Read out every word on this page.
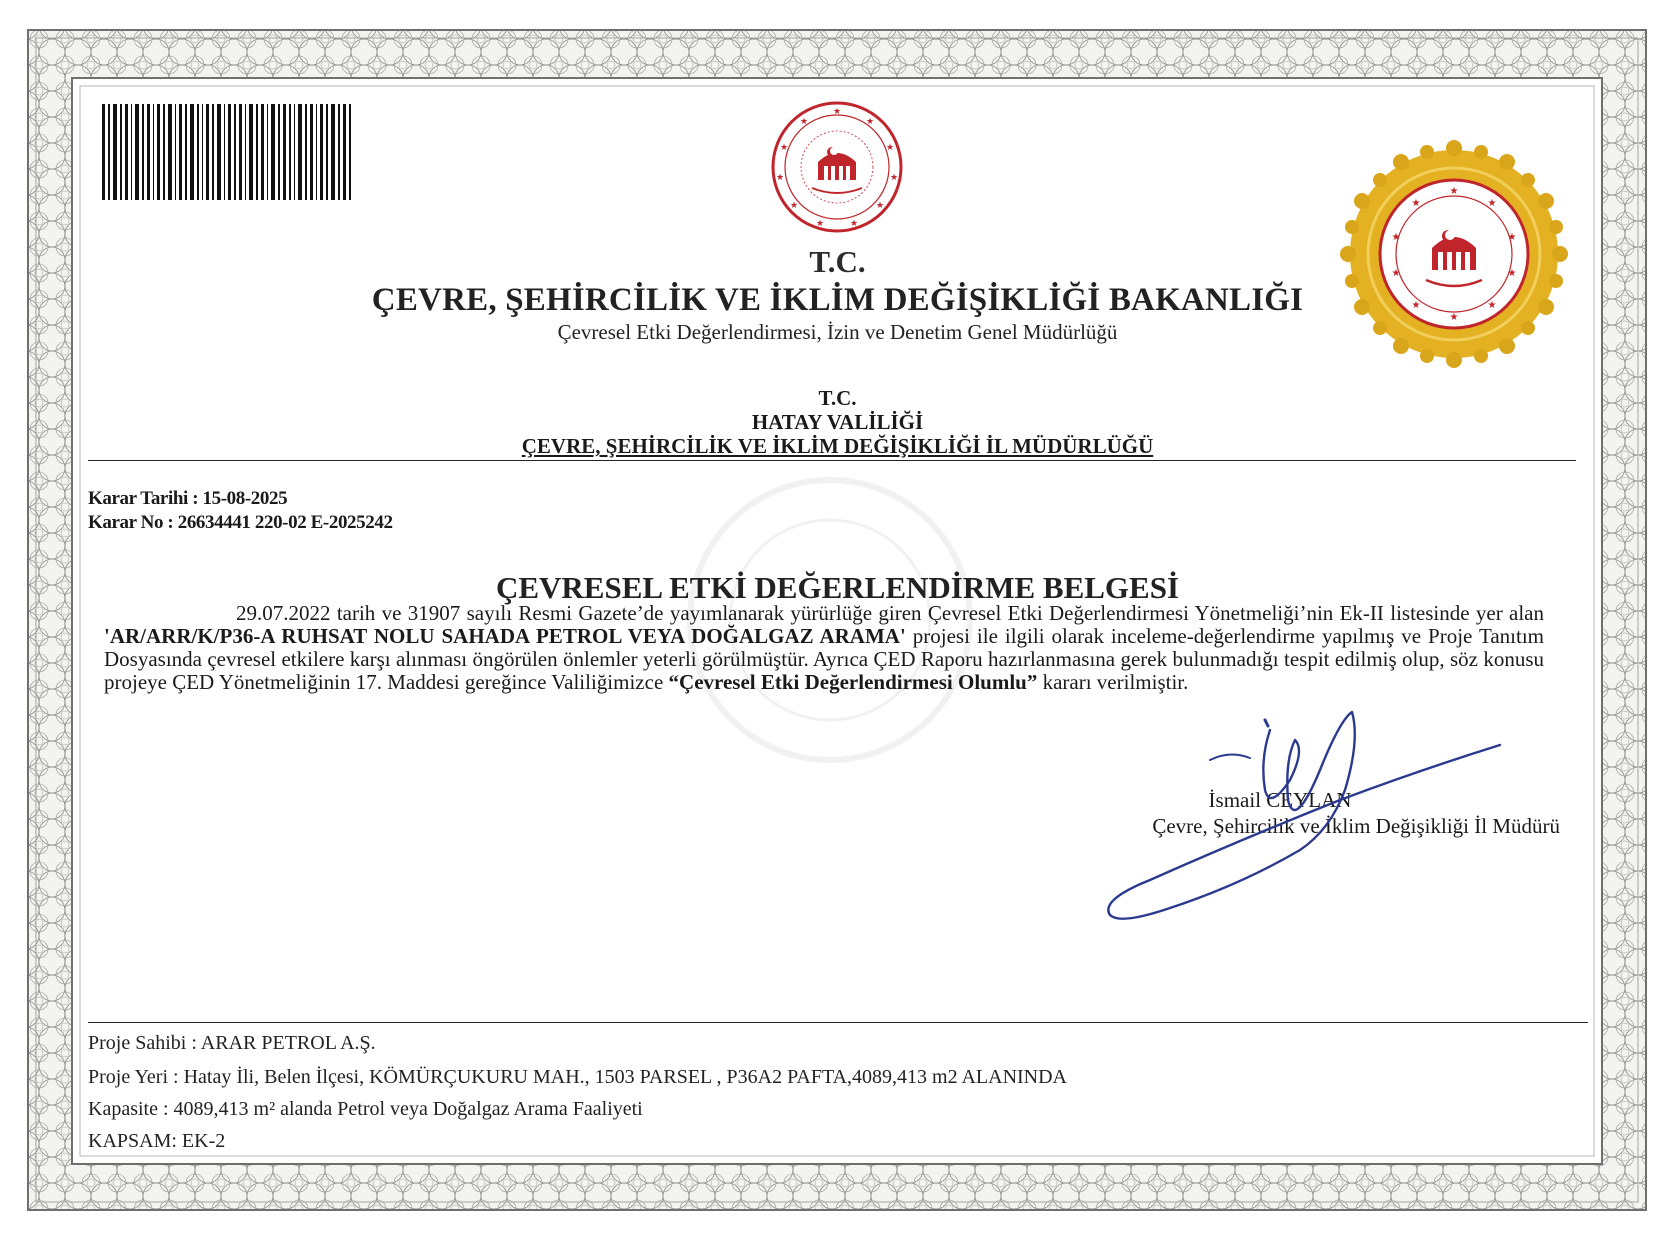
★
★
★
★
★
★
★
★
★
★
★
★
★
★
★
★
★
★
★
★
★
T.C.
ÇEVRE, ŞEHİRCİLİK VE İKLİM DEĞİŞİKLİĞİ BAKANLIĞI
Çevresel Etki Değerlendirmesi, İzin ve Denetim Genel Müdürlüğü
T.C.
HATAY VALİLİĞİ
ÇEVRE, ŞEHİRCİLİK VE İKLİM DEĞİŞİKLİĞİ İL MÜDÜRLÜĞÜ
Karar Tarihi : 15-08-2025
Karar No : 26634441 220-02 E-2025242
ÇEVRESEL ETKİ DEĞERLENDİRME BELGESİ
29.07.2022 tarih ve 31907 sayılı Resmi Gazete’de yayımlanarak yürürlüğe giren Çevresel Etki Değerlendirmesi Yönetmeliği’nin Ek-II listesinde yer alan 'AR/ARR/K/P36-A RUHSAT NOLU SAHADA PETROL VEYA DOĞALGAZ ARAMA' projesi ile ilgili olarak inceleme-değerlendirme yapılmış ve Proje Tanıtım Dosyasında çevresel etkilere karşı alınması öngörülen önlemler yeterli görülmüştür. Ayrıca ÇED Raporu hazırlanmasına gerek bulunmadığı tespit edilmiş olup, söz konusu projeye ÇED Yönetmeliğinin 17. Maddesi gereğince Valiliğimizce “Çevresel Etki Değerlendirmesi Olumlu” kararı verilmiştir.
İsmail CEYLAN
Çevre, Şehircilik ve İklim Değişikliği İl Müdürü
Proje Sahibi : ARAR PETROL A.Ş.
Proje Yeri : Hatay İli, Belen İlçesi, KÖMÜRÇUKURU MAH., 1503 PARSEL , P36A2 PAFTA,4089,413 m2 ALANINDA
Kapasite : 4089,413 m² alanda Petrol veya Doğalgaz Arama Faaliyeti
KAPSAM: EK-2
